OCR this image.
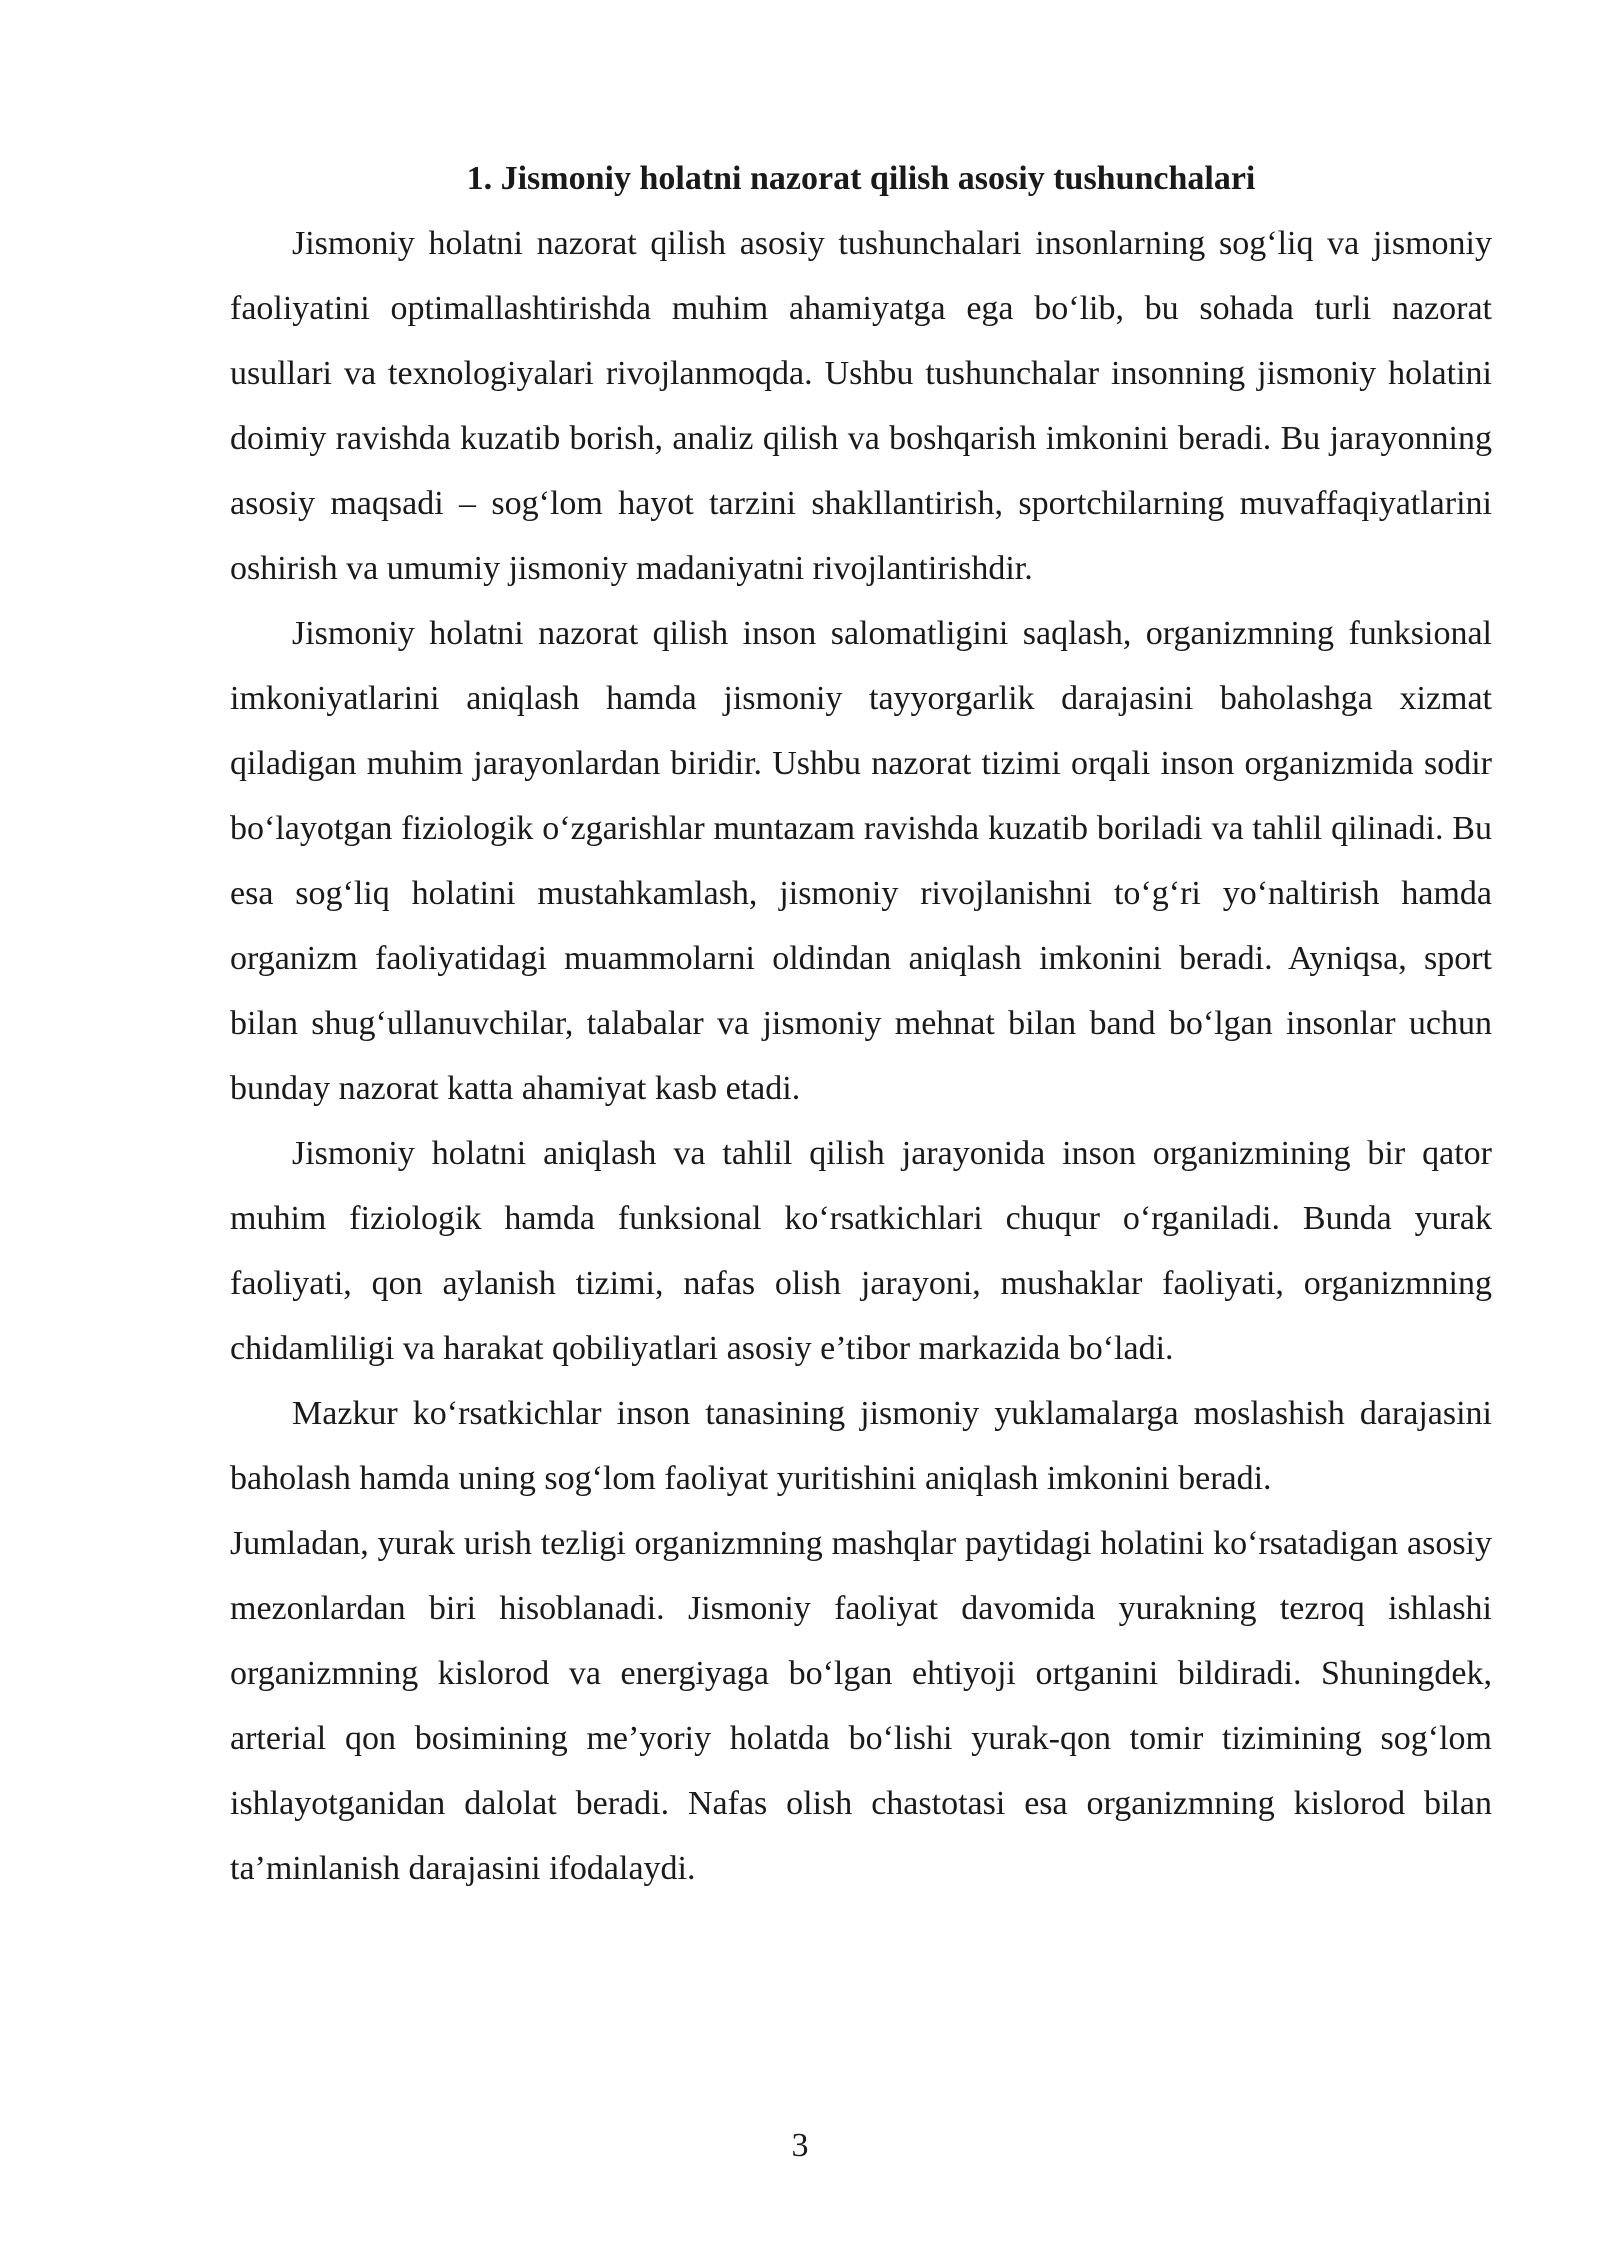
1. Jismoniy holatni nazorat qilish asosiy tushunchalari

Jismoniy holatni nazorat qilish asosiy tushunchalari insonlarning sog‘liq va jismoniy faoliyatini optimallashtirishda muhim ahamiyatga ega bo‘lib, bu sohada turli nazorat usullari va texnologiyalari rivojlanmoqda. Ushbu tushunchalar insonning jismoniy holatini doimiy ravishda kuzatib borish, analiz qilish va boshqarish imkonini beradi. Bu jarayonning asosiy maqsadi – sog‘lom hayot tarzini shakllantirish, sportchilarning muvaffaqiyatlarini oshirish va umumiy jismoniy madaniyatni rivojlantirishdir.

Jismoniy holatni nazorat qilish inson salomatligini saqlash, organizmning funksional imkoniyatlarini aniqlash hamda jismoniy tayyorgarlik darajasini baholashga xizmat qiladigan muhim jarayonlardan biridir. Ushbu nazorat tizimi orqali inson organizmida sodir bo‘layotgan fiziologik o‘zgarishlar muntazam ravishda kuzatib boriladi va tahlil qilinadi. Bu esa sog‘liq holatini mustahkamlash, jismoniy rivojlanishni to‘g‘ri yo‘naltirish hamda organizm faoliyatidagi muammolarni oldindan aniqlash imkonini beradi. Ayniqsa, sport bilan shug‘ullanuvchilar, talabalar va jismoniy mehnat bilan band bo‘lgan insonlar uchun bunday nazorat katta ahamiyat kasb etadi.

Jismoniy holatni aniqlash va tahlil qilish jarayonida inson organizmining bir qator muhim fiziologik hamda funksional ko‘rsatkichlari chuqur o‘rganiladi. Bunda yurak faoliyati, qon aylanish tizimi, nafas olish jarayoni, mushaklar faoliyati, organizmning chidamliligi va harakat qobiliyatlari asosiy e’tibor markazida bo‘ladi.

Mazkur ko‘rsatkichlar inson tanasining jismoniy yuklamalarga moslashish darajasini baholash hamda uning sog‘lom faoliyat yuritishini aniqlash imkonini beradi.

Jumladan, yurak urish tezligi organizmning mashqlar paytidagi holatini ko‘rsatadigan asosiy mezonlardan biri hisoblanadi. Jismoniy faoliyat davomida yurakning tezroq ishlashi organizmning kislorod va energiyaga bo‘lgan ehtiyoji ortganini bildiradi. Shuningdek, arterial qon bosimining me’yoriy holatda bo‘lishi yurak-qon tomir tizimining sog‘lom ishlayotganidan dalolat beradi. Nafas olish chastotasi esa organizmning kislorod bilan ta’minlanish darajasini ifodalaydi.

3
